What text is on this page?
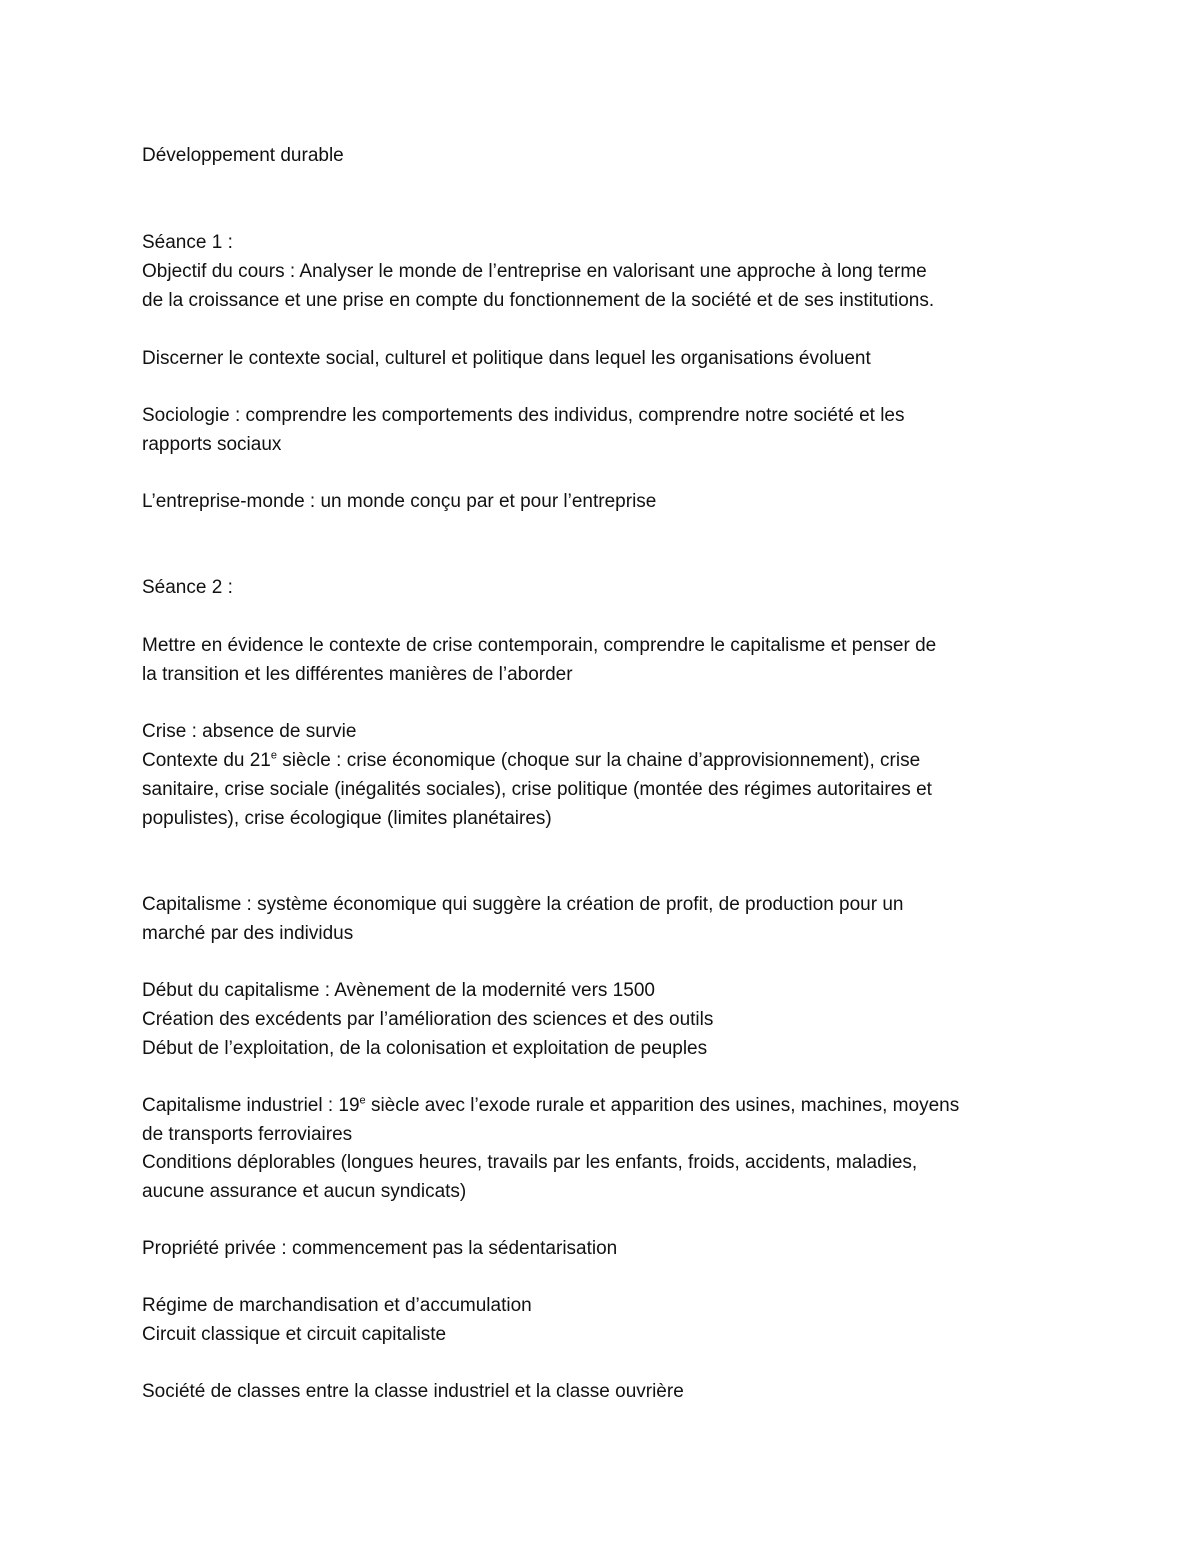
Développement durable
Séance 1 :
Objectif du cours : Analyser le monde de l’entreprise en valorisant une approche à long terme
de la croissance et une prise en compte du fonctionnement de la société et de ses institutions.
Discerner le contexte social, culturel et politique dans lequel les organisations évoluent
Sociologie : comprendre les comportements des individus, comprendre notre société et les
rapports sociaux
L’entreprise-monde : un monde conçu par et pour l’entreprise
Séance 2 :
Mettre en évidence le contexte de crise contemporain, comprendre le capitalisme et penser de
la transition et les différentes manières de l’aborder
Crise : absence de survie
Contexte du 21e siècle : crise économique (choque sur la chaine d’approvisionnement), crise
sanitaire, crise sociale (inégalités sociales), crise politique (montée des régimes autoritaires et
populistes), crise écologique (limites planétaires)
Capitalisme : système économique qui suggère la création de profit, de production pour un
marché par des individus
Début du capitalisme : Avènement de la modernité vers 1500
Création des excédents par l’amélioration des sciences et des outils
Début de l’exploitation, de la colonisation et exploitation de peuples
Capitalisme industriel : 19e siècle avec l’exode rurale et apparition des usines, machines, moyens
de transports ferroviaires
Conditions déplorables (longues heures, travails par les enfants, froids, accidents, maladies,
aucune assurance et aucun syndicats)
Propriété privée : commencement pas la sédentarisation
Régime de marchandisation et d’accumulation
Circuit classique et circuit capitaliste
Société de classes entre la classe industriel et la classe ouvrière
